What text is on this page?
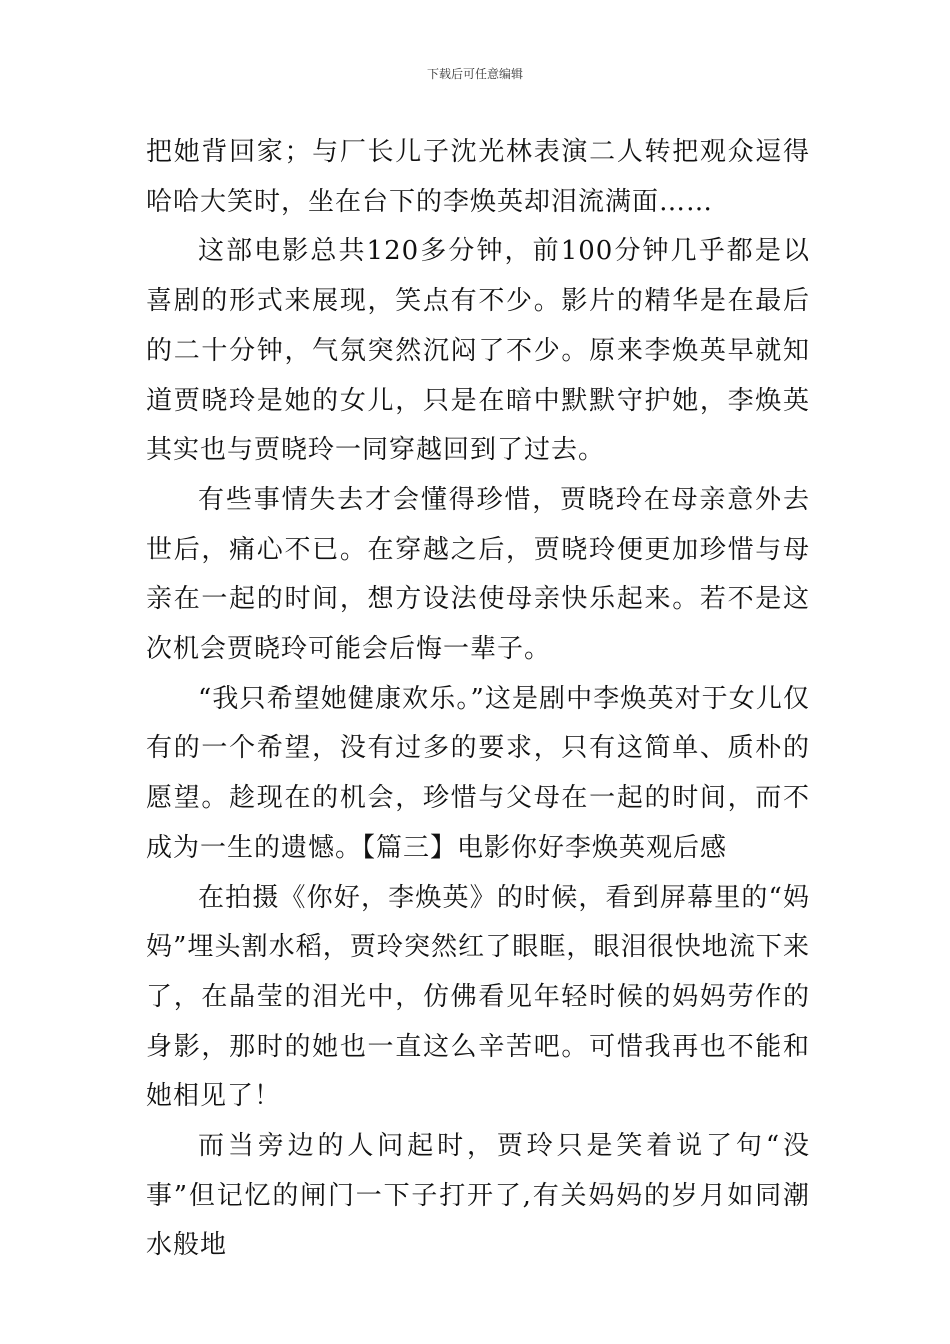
下载后可任意编辑

把她背回家；与厂长儿子沈光林表演二人转把观众逗得哈哈大笑时，坐在台下的李焕英却泪流满面……

这部电影总共120多分钟，前100分钟几乎都是以喜剧的形式来展现，笑点有不少。影片的精华是在最后的二十分钟，气氛突然沉闷了不少。原来李焕英早就知道贾晓玲是她的女儿，只是在暗中默默守护她，李焕英其实也与贾晓玲一同穿越回到了过去。

有些事情失去才会懂得珍惜，贾晓玲在母亲意外去世后，痛心不已。在穿越之后，贾晓玲便更加珍惜与母亲在一起的时间，想方设法使母亲快乐起来。若不是这次机会贾晓玲可能会后悔一辈子。

“我只希望她健康欢乐。”这是剧中李焕英对于女儿仅有的一个希望，没有过多的要求，只有这简单、质朴的愿望。趁现在的机会，珍惜与父母在一起的时间，而不成为一生的遗憾。【篇三】电影你好李焕英观后感

在拍摄《你好，李焕英》的时候，看到屏幕里的“妈妈”埋头割水稻，贾玲突然红了眼眶，眼泪很快地流下来了，在晶莹的泪光中，仿佛看见年轻时候的妈妈劳作的身影，那时的她也一直这么辛苦吧。可惜我再也不能和她相见了！

而当旁边的人问起时，贾玲只是笑着说了句“没事”但记忆的闸门一下子打开了,有关妈妈的岁月如同潮水般地
